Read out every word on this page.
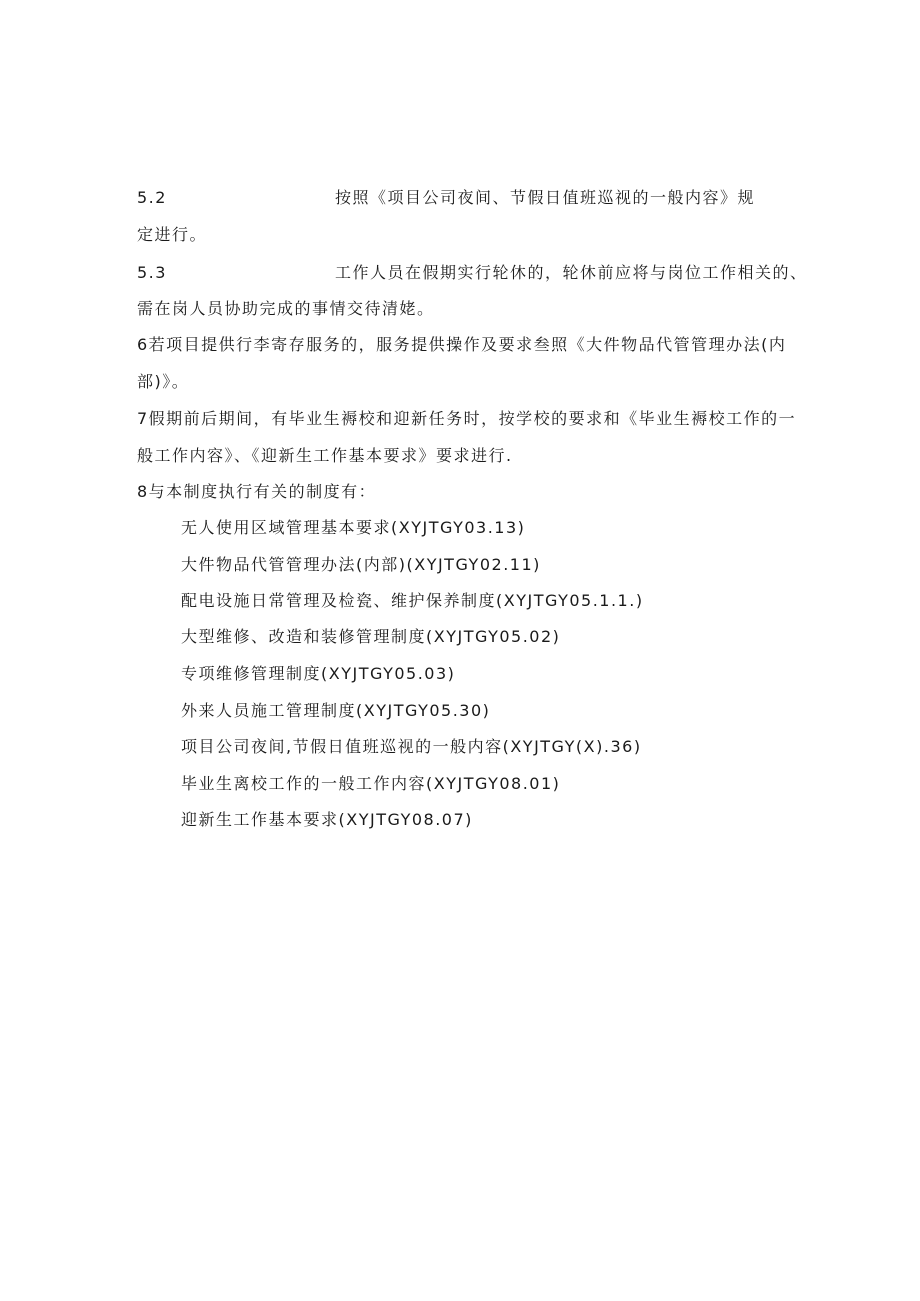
5.2	按照《项目公司夜间、节假日值班巡视的一般内容》规
定进行。
5.3	工作人员在假期实行轮休的，轮休前应将与岗位工作相关的、
需在岗人员协助完成的事情交待清姥。
6若项目提供行李寄存服务的，服务提供操作及要求叁照《大件物品代管管理办法(内
部)》。
7假期前后期间，有毕业生褥校和迎新任务时，按学校的要求和《毕业生褥校工作的一
般工作内容》、《迎新生工作基本要求》要求进行.
8与本制度执行有关的制度有：
无人使用区域管理基本要求(XYJTGY03.13)
大件物品代管管理办法(内部)(XYJTGY02.11)
配电设施日常管理及检瓷、维护保养制度(XYJTGY05.1.1.)
大型维修、改造和装修管理制度(XYJTGY05.02)
专项维修管理制度(XYJTGY05.03)
外来人员施工管理制度(XYJTGY05.30)
项目公司夜间,节假日值班巡视的一般内容(XYJTGY(X).36)
毕业生离校工作的一般工作内容(XYJTGY08.01)
迎新生工作基本要求(XYJTGY08.07)
